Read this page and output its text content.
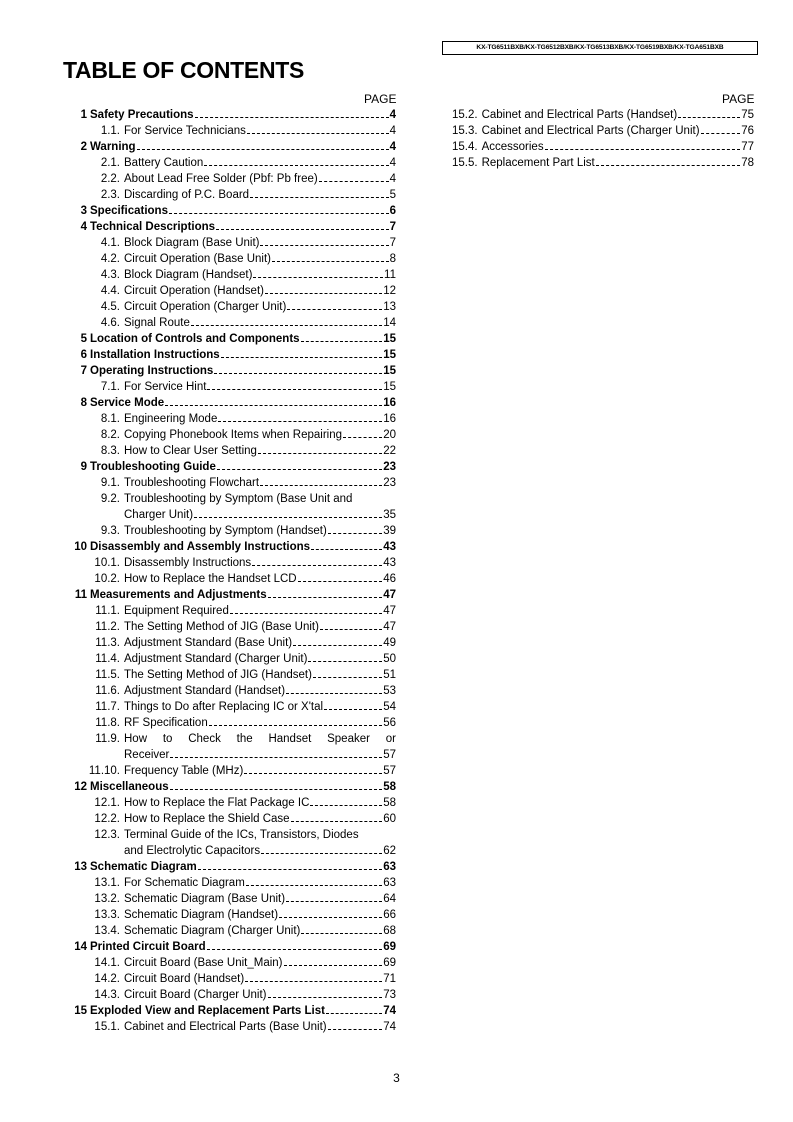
KX-TG6511BXB/KX-TG6512BXB/KX-TG6513BXB/KX-TG6519BXB/KX-TGA651BXB
TABLE OF CONTENTS
PAGE	PAGE
1 Safety Precautions	4
1.1. For Service Technicians	4
2 Warning	4
2.1. Battery Caution	4
2.2. About Lead Free Solder (Pbf: Pb free)	4
2.3. Discarding of P.C. Board	5
3 Specifications	6
4 Technical Descriptions	7
4.1. Block Diagram (Base Unit)	7
4.2. Circuit Operation (Base Unit)	8
4.3. Block Diagram (Handset)	11
4.4. Circuit Operation (Handset)	12
4.5. Circuit Operation (Charger Unit)	13
4.6. Signal Route	14
5 Location of Controls and Components	15
6 Installation Instructions	15
7 Operating Instructions	15
7.1. For Service Hint	15
8 Service Mode	16
8.1. Engineering Mode	16
8.2. Copying Phonebook Items when Repairing	20
8.3. How to Clear User Setting	22
9 Troubleshooting Guide	23
9.1. Troubleshooting Flowchart	23
9.2. Troubleshooting by Symptom (Base Unit and
Charger Unit)	35
9.3. Troubleshooting by Symptom (Handset)	39
10 Disassembly and Assembly Instructions	43
10.1. Disassembly Instructions	43
10.2. How to Replace the Handset LCD	46
11 Measurements and Adjustments	47
11.1. Equipment Required	47
11.2. The Setting Method of JIG (Base Unit)	47
11.3. Adjustment Standard (Base Unit)	49
11.4. Adjustment Standard (Charger Unit)	50
11.5. The Setting Method of JIG (Handset)	51
11.6. Adjustment Standard (Handset)	53
11.7. Things to Do after Replacing IC or X'tal	54
11.8. RF Specification	56
11.9. How to Check the Handset Speaker or
Receiver	57
11.10. Frequency Table (MHz)	57
12 Miscellaneous	58
12.1. How to Replace the Flat Package IC	58
12.2. How to Replace the Shield Case	60
12.3. Terminal Guide of the ICs, Transistors, Diodes
and Electrolytic Capacitors	62
13 Schematic Diagram	63
13.1. For Schematic Diagram	63
13.2. Schematic Diagram (Base Unit)	64
13.3. Schematic Diagram (Handset)	66
13.4. Schematic Diagram (Charger Unit)	68
14 Printed Circuit Board	69
14.1. Circuit Board (Base Unit_Main)	69
14.2. Circuit Board (Handset)	71
14.3. Circuit Board (Charger Unit)	73
15 Exploded View and Replacement Parts List	74
15.1. Cabinet and Electrical Parts (Base Unit)	74
15.2. Cabinet and Electrical Parts (Handset)	75
15.3. Cabinet and Electrical Parts (Charger Unit)	76
15.4. Accessories	77
15.5. Replacement Part List	78
3
